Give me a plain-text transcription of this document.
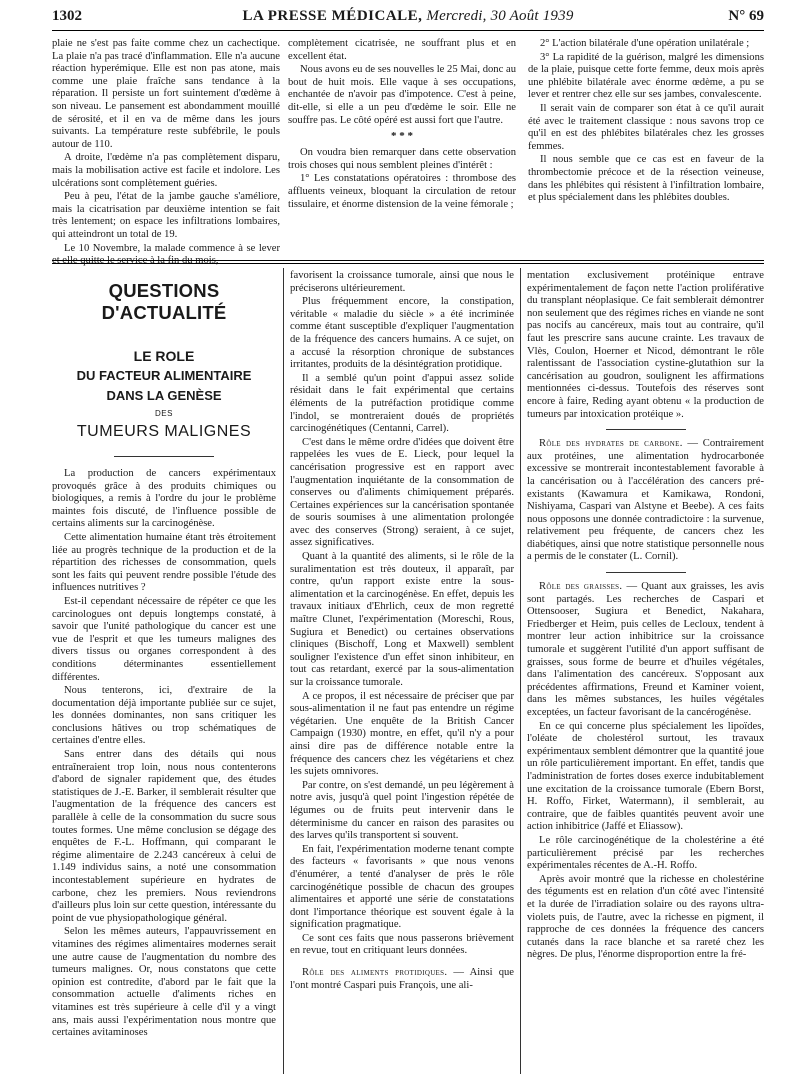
1302	LA PRESSE MÉDICALE, Mercredi, 30 Août 1939	N° 69

plaie ne s'est pas faite comme chez un cachectique. La plaie n'a pas tracé d'inflammation. Elle n'a aucune réaction hyperémique. Elle est non pas atone, mais comme une plaie fraîche sans tendance à la réparation. Il persiste un fort suintement d'œdème à son niveau. Le pansement est abondamment mouillé de sérosité, et il en va de même dans les jours suivants. La température reste subfébrile, le pouls autour de 110.

A droite, l'œdème n'a pas complètement disparu, mais la mobilisation active est facile et indolore. Les ulcérations sont complètement guéries.

Peu à peu, l'état de la jambe gauche s'améliore, mais la cicatrisation par deuxième intention se fait très lentement; on espace les infiltrations lombaires, qui atteindront un total de 19.

Le 10 Novembre, la malade commence à se lever et elle quitte le service à la fin du mois,

complètement cicatrisée, ne souffrant plus et en excellent état.

Nous avons eu de ses nouvelles le 25 Mai, donc au bout de huit mois. Elle vaque à ses occupations, enchantée de n'avoir pas d'impotence. C'est à peine, dit-elle, si elle a un peu d'œdème le soir. Elle ne souffre pas. Le côté opéré est aussi fort que l'autre.

* * *

On voudra bien remarquer dans cette observation trois choses qui nous semblent pleines d'intérêt :

1° Les constatations opératoires : thrombose des affluents veineux, bloquant la circulation de retour tissulaire, et énorme distension de la veine fémorale ;

2° L'action bilatérale d'une opération unilatérale ;

3° La rapidité de la guérison, malgré les dimensions de la plaie, puisque cette forte femme, deux mois après une phlébite bilatérale avec énorme œdème, a pu se lever et rentrer chez elle sur ses jambes, convalescente.

Il serait vain de comparer son état à ce qu'il aurait été avec le traitement classique : nous savons trop ce qu'il en est des phlébites bilatérales chez les grosses femmes.

Il nous semble que ce cas est en faveur de la thrombectomie précoce et de la résection veineuse, dans les phlébites qui résistent à l'infiltration lombaire, et plus spécialement dans les phlébites doubles.

QUESTIONS D'ACTUALITÉ
LE ROLE
DU FACTEUR ALIMENTAIRE
DANS LA GENÈSE
DES
TUMEURS MALIGNES

La production de cancers expérimentaux provoqués grâce à des produits chimiques ou biologiques, a remis à l'ordre du jour le problème maintes fois discuté, de l'influence possible de certains aliments sur la carcinogénèse.

Cette alimentation humaine étant très étroitement liée au progrès technique de la production et de la répartition des richesses de consommation, quels sont les faits qui peuvent rendre possible l'étude des influences nutritives ?

Est-il cependant nécessaire de répéter ce que les carcinologues ont depuis longtemps constaté, à savoir que l'unité pathologique du cancer est une vue de l'esprit et que les tumeurs malignes des divers tissus ou organes correspondent à des conditions déterminantes essentiellement différentes.

Nous tenterons, ici, d'extraire de la documentation déjà importante publiée sur ce sujet, les données dominantes, non sans critiquer les conclusions hâtives ou trop schématiques de certaines d'entre elles.

Sans entrer dans des détails qui nous entraîneraient trop loin, nous nous contenterons d'abord de signaler rapidement que, des études statistiques de J.-E. Barker, il semblerait résulter que l'augmentation de la fréquence des cancers est parallèle à celle de la consommation du sucre sous toutes formes. Une même conclusion se dégage des enquêtes de F.-L. Hoffmann, qui comparant le régime alimentaire de 2.243 cancéreux à celui de 1.149 individus sains, a noté une consommation incontestablement supérieure en hydrates de carbone, chez les premiers. Nous reviendrons d'ailleurs plus loin sur cette question, intéressante du point de vue physiopathologique général.

Selon les mêmes auteurs, l'appauvrissement en vitamines des régimes alimentaires modernes serait une autre cause de l'augmentation du nombre des tumeurs malignes. Or, nous constatons que cette opinion est contredite, d'abord par le fait que la consommation actuelle d'aliments riches en vitamines est très supérieure à celle d'il y a vingt ans, mais aussi l'expérimentation nous montre que certaines avitaminoses

favorisent la croissance tumorale, ainsi que nous le préciserons ultérieurement.

Plus fréquemment encore, la constipation, véritable « maladie du siècle » a été incriminée comme étant susceptible d'expliquer l'augmentation de la fréquence des cancers humains. A ce sujet, on a accusé la résorption chronique de substances irritantes, produits de la désintégration protidique.

Il a semblé qu'un point d'appui assez solide résidait dans le fait expérimental que certains éléments de la putréfaction protidique comme l'indol, se montreraient doués de propriétés carcinogénétiques (Centanni, Carrel).

C'est dans le même ordre d'idées que doivent être rappelées les vues de E. Lieck, pour lequel la cancérisation progressive est en rapport avec l'augmentation inquiétante de la consommation de conserves ou d'aliments chimiquement préparés. Certaines expériences sur la cancérisation spontanée de souris soumises à une alimentation prolongée avec des conserves (Strong) seraient, à ce sujet, assez significatives.

Quant à la quantité des aliments, si le rôle de la suralimentation est très douteux, il apparaît, par contre, qu'un rapport existe entre la sous-alimentation et la carcinogénèse. En effet, depuis les travaux initiaux d'Ehrlich, ceux de mon regretté maître Clunet, l'expérimentation (Moreschi, Rous, Sugiura et Benedict) ou certaines observations cliniques (Bischoff, Long et Maxwell) semblent souligner l'existence d'un effet sinon inhibiteur, en tout cas retardant, exercé par la sous-alimentation sur la croissance tumorale.

A ce propos, il est nécessaire de préciser que par sous-alimentation il ne faut pas entendre un régime végétarien. Une enquête de la British Cancer Campaign (1930) montre, en effet, qu'il n'y a pour ainsi dire pas de différence notable entre la fréquence des cancers chez les végétariens et chez les sujets omnivores.

Par contre, on s'est demandé, un peu légèrement à notre avis, jusqu'à quel point l'ingestion répétée de légumes ou de fruits peut intervenir dans le déterminisme du cancer en raison des parasites ou des larves qu'ils transportent si souvent.

En fait, l'expérimentation moderne tenant compte des facteurs « favorisants » que nous venons d'énumérer, a tenté d'analyser de près le rôle carcinogénétique possible de chacun des groupes alimentaires et apporté une série de constatations dont l'importance théorique est souvent égale à la signification pragmatique.

Ce sont ces faits que nous passerons brièvement en revue, tout en critiquant leurs données.

Rôle des aliments protidiques. — Ainsi que l'ont montré Caspari puis François, une ali-

mentation exclusivement protéinique entrave expérimentalement de façon nette l'action proliférative du transplant néoplasique. Ce fait semblerait démontrer non seulement que des régimes riches en viande ne sont pas nocifs au cancéreux, mais tout au contraire, qu'il faut les prescrire sans aucune crainte. Les travaux de Vlès, Coulon, Hoerner et Nicod, démontrant le rôle ralentissant de l'association cystine-glutathion sur la cancérisation au goudron, soulignent les affirmations mentionnées ci-dessus. Toutefois des réserves sont encore à faire, Reding ayant obtenu « la production de tumeurs par intoxication protéique ».

Rôle des hydrates de carbone. — Contrairement aux protéines, une alimentation hydrocarbonée excessive se montrerait incontestablement favorable à la cancérisation ou à l'accélération des cancers pré-existants (Kawamura et Kamikawa, Rondoni, Nishiyama, Caspari van Alstyne et Beebe). A ces faits nous opposons une donnée contradictoire : la survenue, relativement peu fréquente, de cancers chez les diabétiques, ainsi que notre statistique personnelle nous a permis de le constater (L. Cornil).

Rôle des graisses. — Quant aux graisses, les avis sont partagés. Les recherches de Caspari et Ottensooser, Sugiura et Benedict, Nakahara, Friedberger et Heim, puis celles de Lecloux, tendent à montrer leur action inhibitrice sur la croissance tumorale et suggèrent l'utilité d'un apport suffisant de graisses, sous forme de beurre et d'huiles végétales, dans l'alimentation des cancéreux. S'opposant aux précédentes affirmations, Freund et Kaminer voient, dans les mêmes substances, les huiles végétales exceptées, un facteur favorisant de la cancérogénèse.

En ce qui concerne plus spécialement les lipoïdes, l'oléate de cholestérol surtout, les travaux expérimentaux semblent démontrer que la quantité joue un rôle particulièrement important. En effet, tandis que l'administration de fortes doses exerce indubitablement une excitation de la croissance tumorale (Ebern Borst, H. Roffo, Firket, Watermann), il semblerait, au contraire, que de faibles quantités peuvent avoir une action inhibitrice (Jaffé et Eliassow).

Le rôle carcinogénétique de la cholestérine a été particulièrement précisé par les recherches expérimentales récentes de A.-H. Roffo.

Après avoir montré que la richesse en cholestérine des téguments est en relation d'un côté avec l'intensité et la durée de l'irradiation solaire ou des rayons ultra-violets puis, de l'autre, avec la richesse en pigment, il rapproche de ces données la fréquence des cancers cutanés dans la race blanche et sa rareté chez les nègres. De plus, l'énorme disproportion entre la fré-
